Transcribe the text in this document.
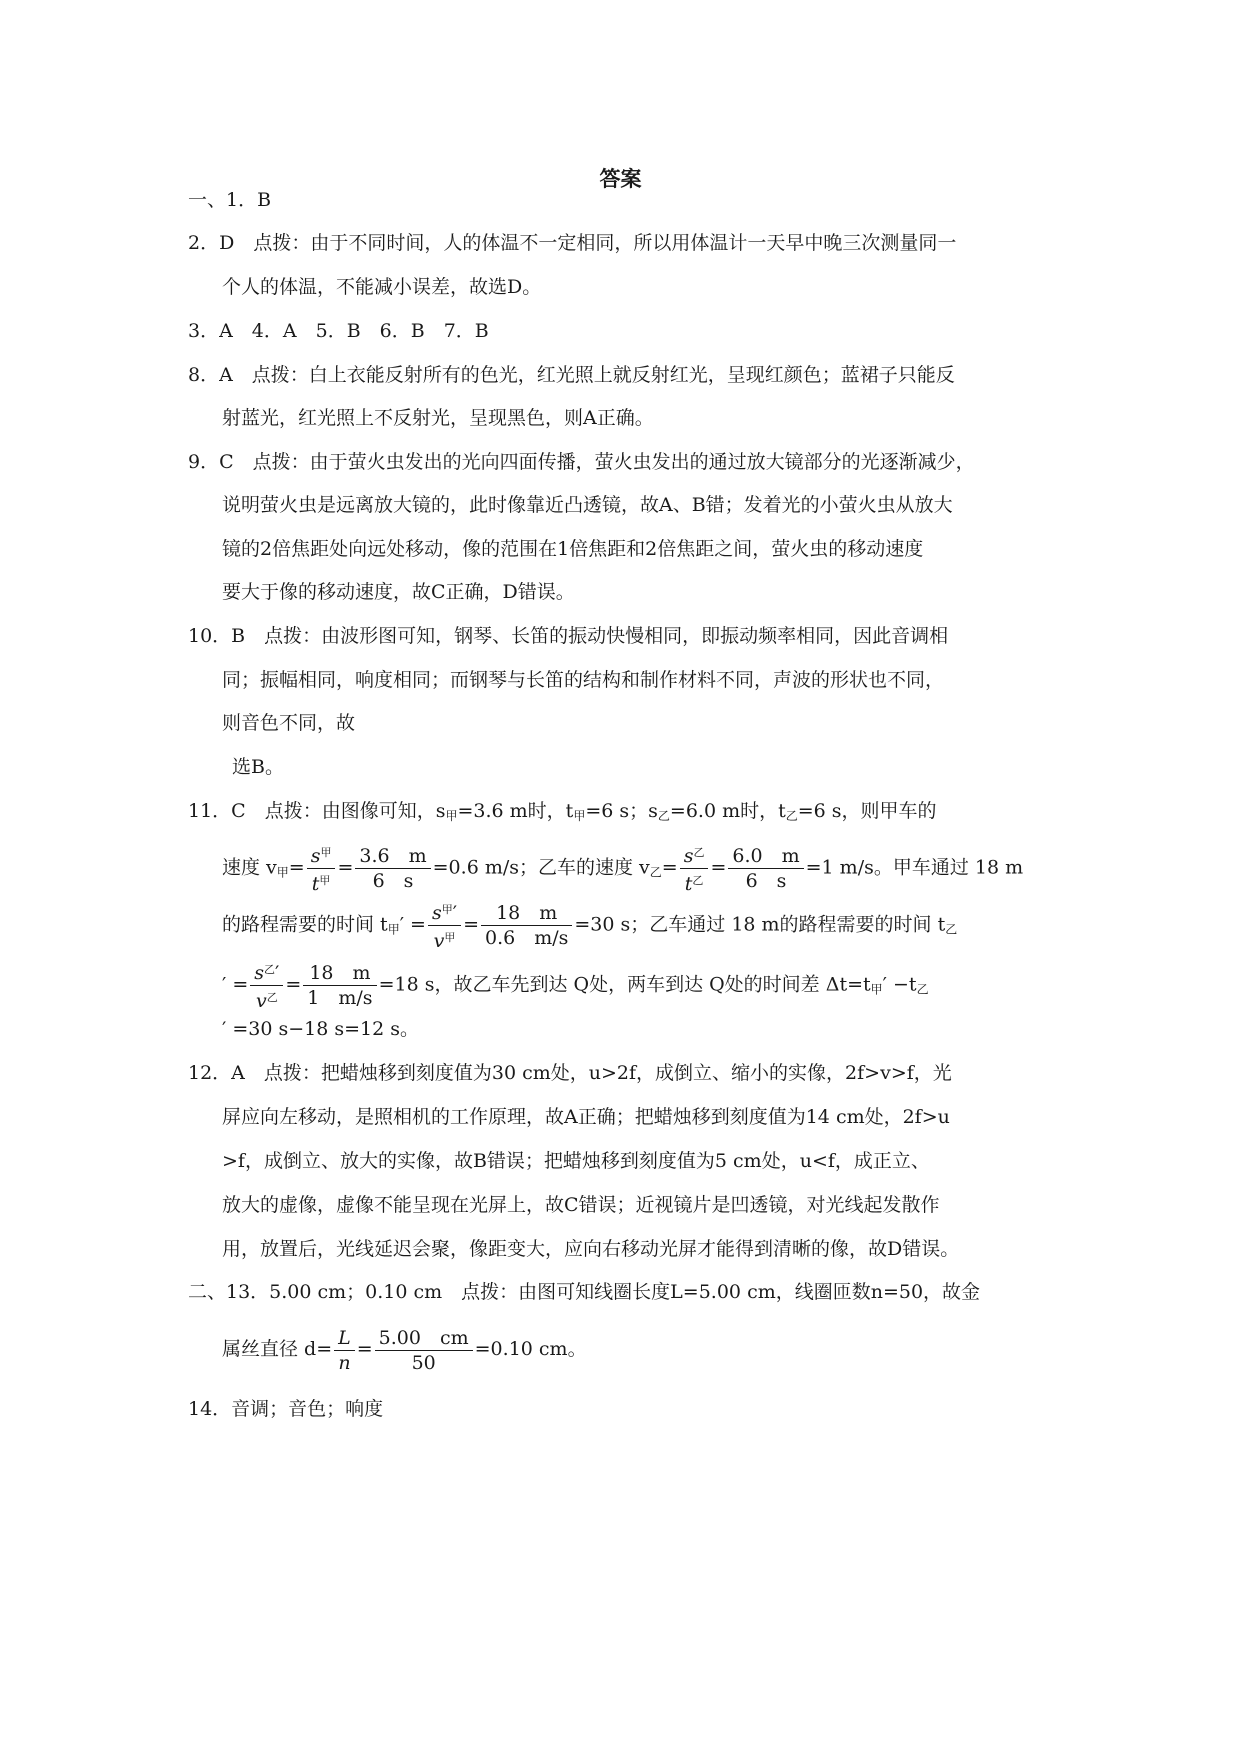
答案
一、1．B
2．D　点拨：由于不同时间，人的体温不一定相同，所以用体温计一天早中晚三次测量同一
个人的体温，不能减小误差，故选D。
3．A　4．A　5．B　6．B　7．B
8．A　点拨：白上衣能反射所有的色光，红光照上就反射红光，呈现红颜色；蓝裙子只能反
射蓝光，红光照上不反射光，呈现黑色，则A正确。
9．C　点拨：由于萤火虫发出的光向四面传播，萤火虫发出的通过放大镜部分的光逐渐减少，
说明萤火虫是远离放大镜的，此时像靠近凸透镜，故A、B错；发着光的小萤火虫从放大
镜的2倍焦距处向远处移动，像的范围在1倍焦距和2倍焦距之间，萤火虫的移动速度
要大于像的移动速度，故C正确，D错误。
10．B　点拨：由波形图可知，钢琴、长笛的振动快慢相同，即振动频率相同，因此音调相
同；振幅相同，响度相同；而钢琴与长笛的结构和制作材料不同，声波的形状也不同，
则音色不同，故
选B。
11．C　点拨：由图像可知，$s_甲=3.6$ m时，$t_甲=6$ s；$s_乙=6.0$ m时，$t_乙=6$ s，则甲车的
速度 $v_甲= \frac{s^甲}{t^甲} = \frac{3.6 m}{6 s} =0.6$ m/s；乙车的速度 $v_乙= \frac{s^乙}{t^乙} = \frac{6.0 m}{6 s} =1$ m/s。甲车通过 18 m
的路程需要的时间 $t_甲' = \frac{s^甲'}{v^甲} = \frac{18 m}{0.6 m/s} =30$ s；乙车通过 18 m的路程需要的时间 $t_乙$
′ = $\frac{s^乙'}{v^乙} = \frac{18 m}{1 m/s} =18$ s，故乙车先到达 Q处，两车到达 Q处的时间差 $\Delta t=t_甲' -t_乙$
′ =30 s−18 s=12 s。
12．A　点拨：把蜡烛移到刻度值为30 cm处，u>2f，成倒立、缩小的实像，2f>v>f，光
屏应向左移动，是照相机的工作原理，故A正确；把蜡烛移到刻度值为14 cm处，2f>u
>f，成倒立、放大的实像，故B错误；把蜡烛移到刻度值为5 cm处，u<f，成正立、
放大的虚像，虚像不能呈现在光屏上，故C错误；近视镜片是凹透镜，对光线起发散作
用，放置后，光线延迟会聚，像距变大，应向右移动光屏才能得到清晰的像，故D错误。
二、13．5.00 cm；0.10 cm　点拨：由图可知线圈长度L=5.00 cm，线圈匝数n=50，故金
属丝直径 $d= \frac{L}{n} = \frac{5.00 cm}{50} =0.10$ cm。
14．音调；音色；响度
